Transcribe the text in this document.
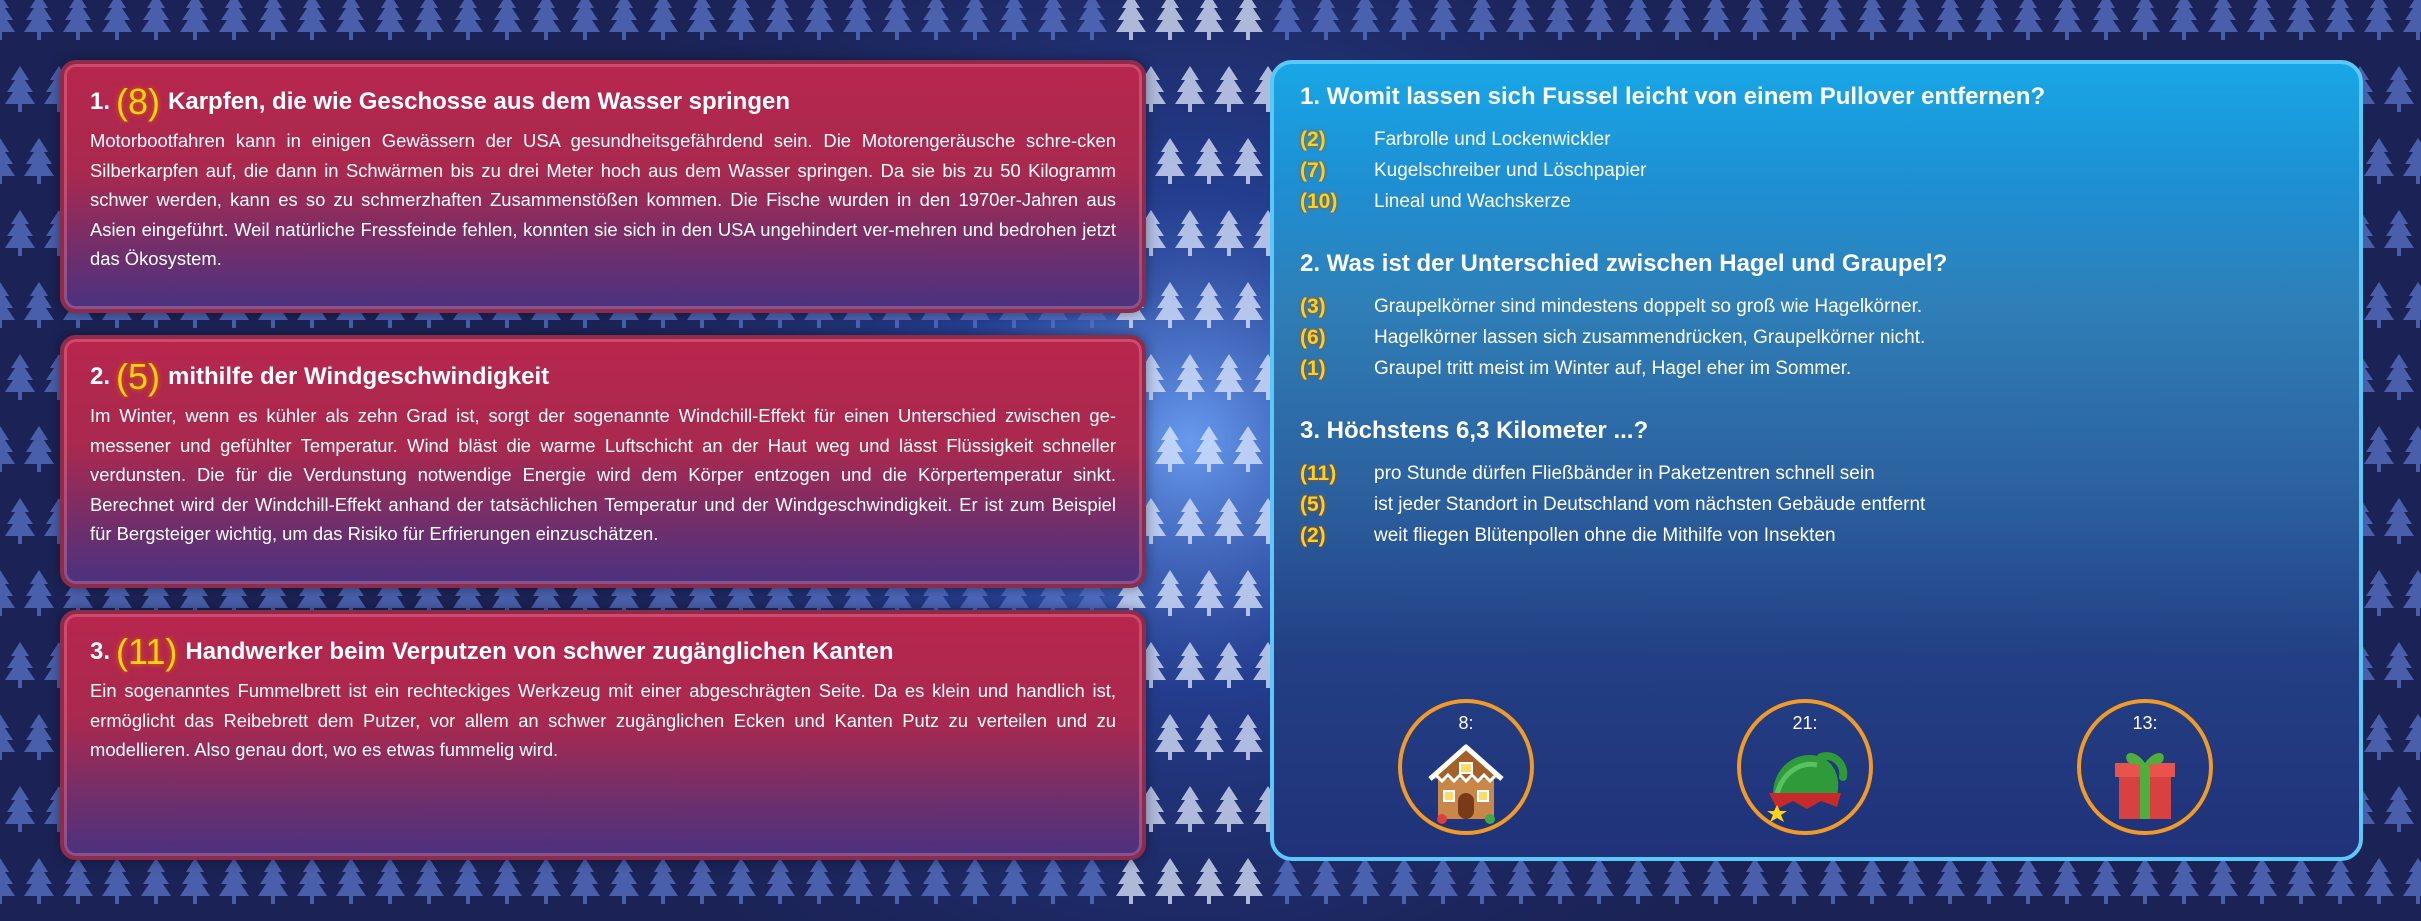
1. (8) Karpfen, die wie Geschosse aus dem Wasser springen

Motorbootfahren kann in einigen Gewässern der USA gesundheitsgefährdend sein. Die Motorengeräusche schre-cken Silberkarpfen auf, die dann in Schwärmen bis zu drei Meter hoch aus dem Wasser springen. Da sie bis zu 50 Kilogramm schwer werden, kann es so zu schmerzhaften Zusammenstößen kommen. Die Fische wurden in den 1970er-Jahren aus Asien eingeführt. Weil natürliche Fressfeinde fehlen, konnten sie sich in den USA ungehindert ver-mehren und bedrohen jetzt das Ökosystem.

2. (5) mithilfe der Windgeschwindigkeit

Im Winter, wenn es kühler als zehn Grad ist, sorgt der sogenannte Windchill-Effekt für einen Unterschied zwischen ge-messener und gefühlter Temperatur. Wind bläst die warme Luftschicht an der Haut weg und lässt Flüssigkeit schneller verdunsten. Die für die Verdunstung notwendige Energie wird dem Körper entzogen und die Körpertemperatur sinkt. Berechnet wird der Windchill-Effekt anhand der tatsächlichen Temperatur und der Windgeschwindigkeit. Er ist zum Beispiel für Bergsteiger wichtig, um das Risiko für Erfrierungen einzuschätzen.

3. (11) Handwerker beim Verputzen von schwer zugänglichen Kanten

Ein sogenanntes Fummelbrett ist ein rechteckiges Werkzeug mit einer abgeschrägten Seite. Da es klein und handlich ist, ermöglicht das Reibebrett dem Putzer, vor allem an schwer zugänglichen Ecken und Kanten Putz zu verteilen und zu modellieren. Also genau dort, wo es etwas fummelig wird.

1. Womit lassen sich Fussel leicht von einem Pullover entfernen?
(2)	Farbrolle und Lockenwickler
(7)	Kugelschreiber und Löschpapier
(10)	Lineal und Wachskerze
2. Was ist der Unterschied zwischen Hagel und Graupel?
(3)	Graupelkörner sind mindestens doppelt so groß wie Hagelkörner.
(6)	Hagelkörner lassen sich zusammendrücken, Graupelkörner nicht.
(1)	Graupel tritt meist im Winter auf, Hagel eher im Sommer.
3. Höchstens 6,3 Kilometer ...?
(11)	pro Stunde dürfen Fließbänder in Paketzentren schnell sein
(5)	ist jeder Standort in Deutschland vom nächsten Gebäude entfernt
(2)	weit fliegen Blütenpollen ohne die Mithilfe von Insekten
8:	21:	13:
